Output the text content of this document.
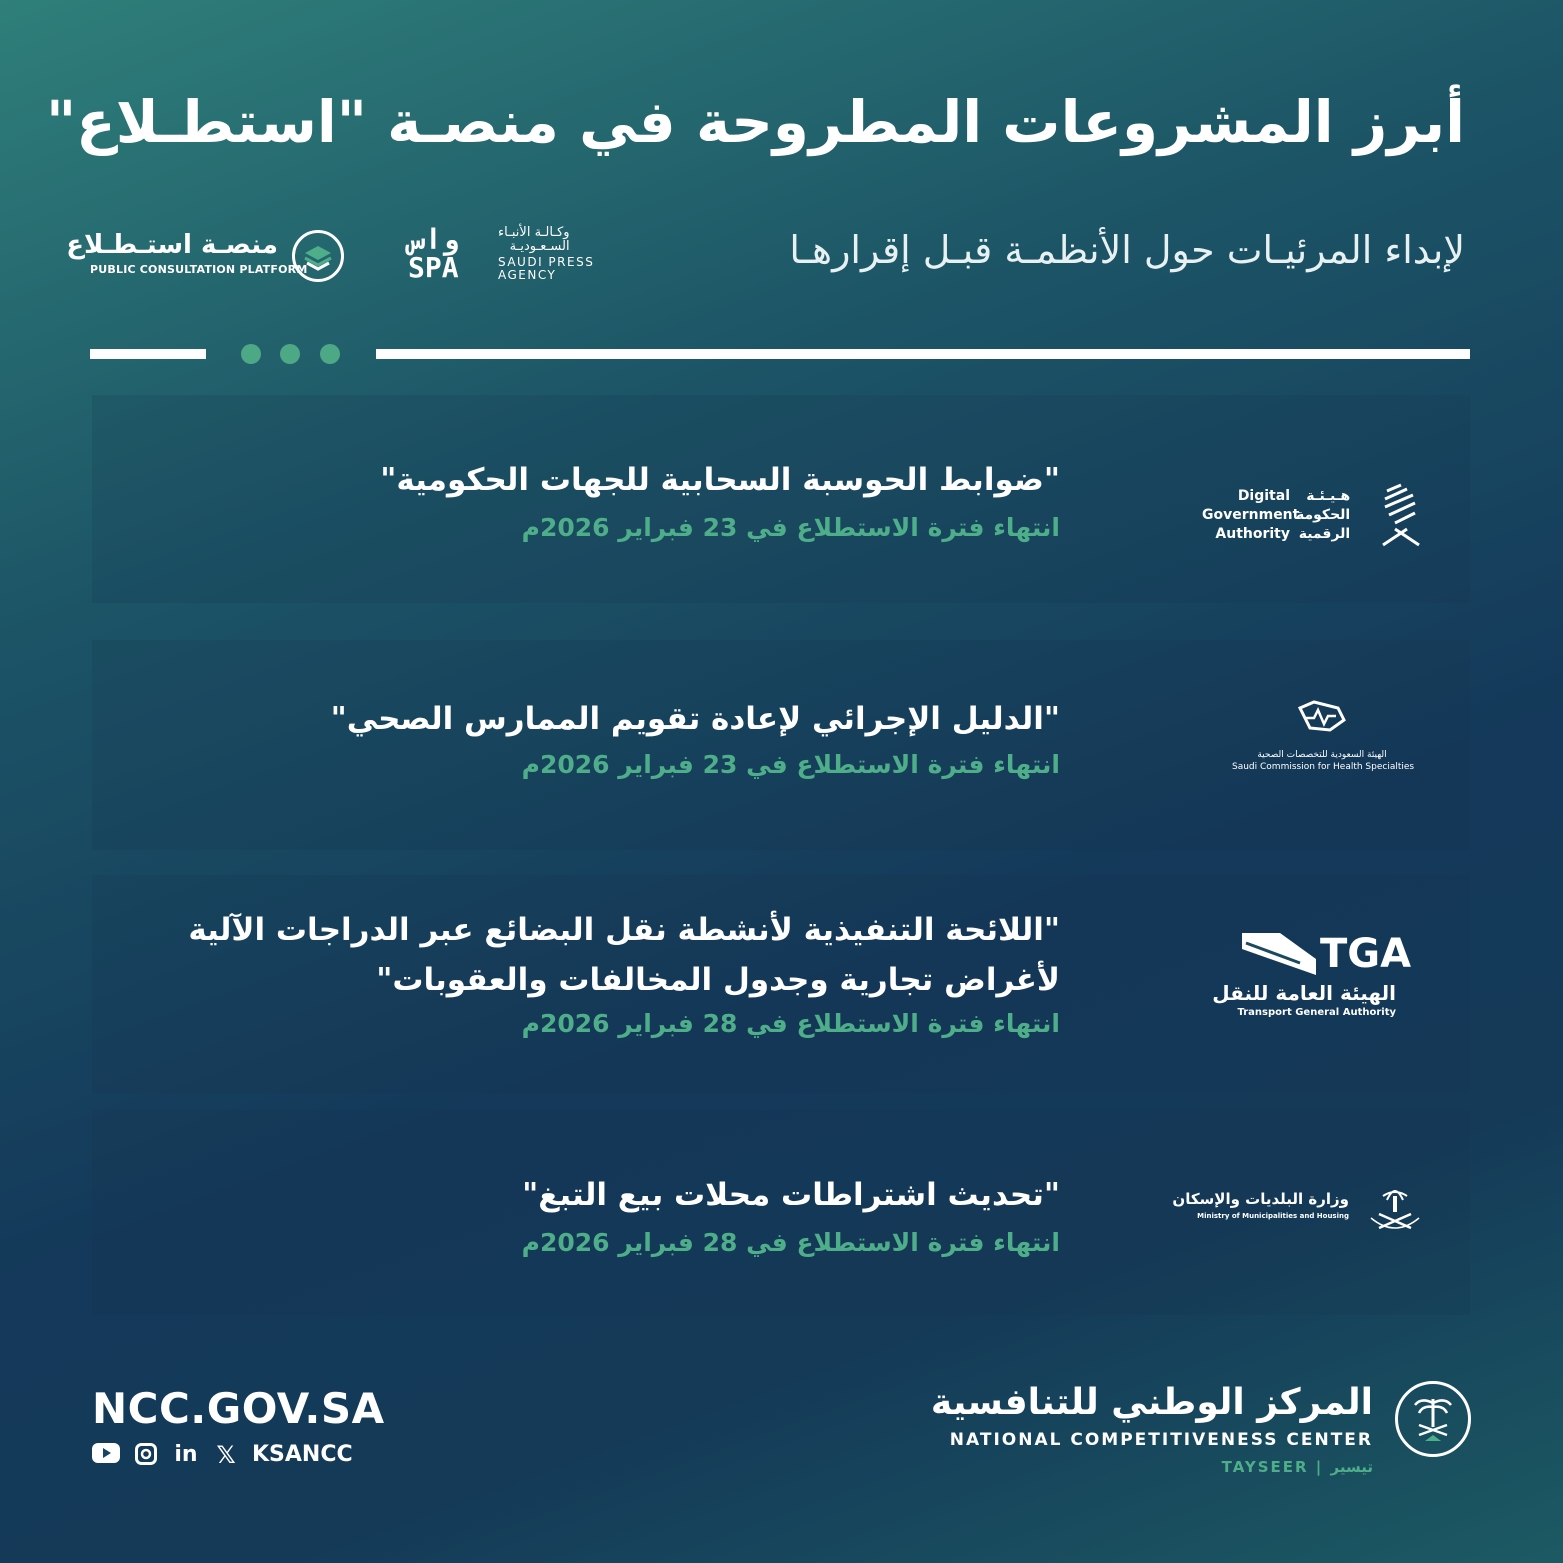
أبرز المشروعات المطروحة في منصـة "استطـلاع"
لإبداء المرئيـات حول الأنظمـة قبـل إقرارهـا
منصـة استـطـلاع
PUBLIC CONSULTATION PLATFORM
واس
SPA
وكـالـة الأنبـاء
السـعـوديـة
SAUDI PRESS
AGENCY
"ضوابط الحوسبة السحابية للجهات الحكومية"
انتهاء فترة الاستطلاع في 23 فبراير 2026م
Digital
Government
Authority
هـيـئـة
الحكومة
الرقمية
"الدليل الإجرائي لإعادة تقويم الممارس الصحي"
انتهاء فترة الاستطلاع في 23 فبراير 2026م	الهيئة السعودية للتخصصات الصحية
Saudi Commission for Health Specialties
"اللائحة التنفيذية لأنشطة نقل البضائع عبر الدراجات الآلية لأغراض تجارية وجدول المخالفات والعقوبات"
انتهاء فترة الاستطلاع في 28 فبراير 2026م
TGA
الهيئة العامة للنقل
Transport General Authority
"تحديث اشتراطات محلات بيع التبغ"
انتهاء فترة الاستطلاع في 28 فبراير 2026م
وزارة البلديات والإسكان
Ministry of Municipalities and Housing
NCC.GOV.SA
in 𝕏 KSANCC
المركز الوطني للتنافسية
NATIONAL COMPETITIVENESS CENTER
TAYSEER | تيسير
